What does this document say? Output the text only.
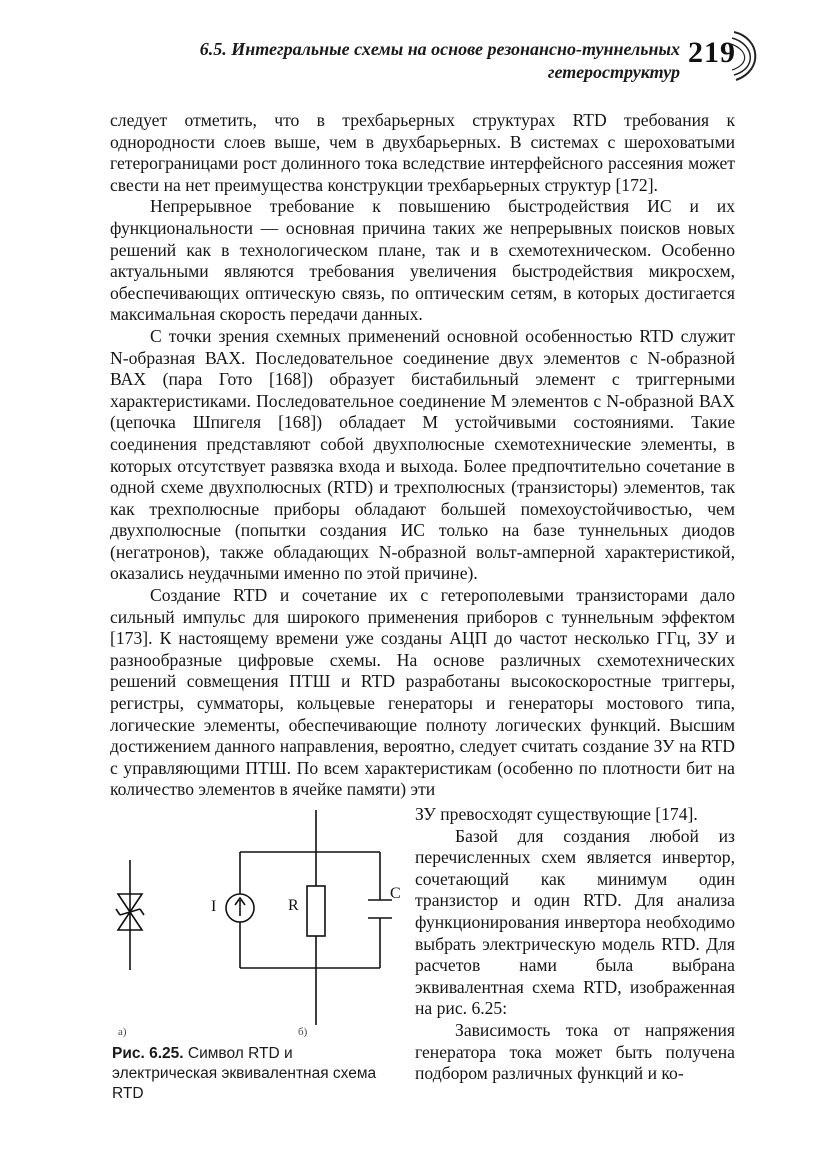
6.5. Интегральные схемы на основе резонансно-туннельных
гетероструктур
219

следует отметить, что в трехбарьерных структурах RTD требования к однородности слоев выше, чем в двухбарьерных. В системах с шероховатыми гетерограницами рост долинного тока вследствие интерфейсного рассеяния может свести на нет преимущества конструкции трехбарьерных структур [172].

Непрерывное требование к повышению быстродействия ИС и их функциональности — основная причина таких же непрерывных поисков новых решений как в технологическом плане, так и в схемотехническом. Особенно актуальными являются требования увеличения быстродействия микросхем, обеспечивающих оптическую связь, по оптическим сетям, в которых достигается максимальная скорость передачи данных.

С точки зрения схемных применений основной особенностью RTD служит N-образная ВАХ. Последовательное соединение двух элементов с N-образной ВАХ (пара Гото [168]) образует бистабильный элемент с триггерными характеристиками. Последовательное соединение М элементов с N-образной ВАХ (цепочка Шпигеля [168]) обладает М устойчивыми состояниями. Такие соединения представляют собой двухполюсные схемотехнические элементы, в которых отсутствует развязка входа и выхода. Более предпочтительно сочетание в одной схеме двухполюсных (RTD) и трехполюсных (транзисторы) элементов, так как трехполюсные приборы обладают большей помехоустойчивостью, чем двухполюсные (попытки создания ИС только на базе туннельных диодов (негатронов), также обладающих N-образной вольт-амперной характеристикой, оказались неудачными именно по этой причине).

Создание RTD и сочетание их с гетерополевыми транзисторами дало сильный импульс для широкого применения приборов с туннельным эффектом [173]. К настоящему времени уже созданы АЦП до частот несколько ГГц, ЗУ и разнообразные цифровые схемы. На основе различных схемотехнических решений совмещения ПТШ и RTD разработаны высокоскоростные триггеры, регистры, сумматоры, кольцевые генераторы и генераторы мостового типа, логические элементы, обеспечивающие полноту логических функций. Высшим достижением данного направления, вероятно, следует считать создание ЗУ на RTD с управляющими ПТШ. По всем характеристикам (особенно по плотности бит на количество элементов в ячейке памяти) эти

I	R
C
а)	б)
Рис. 6.25. Символ RTD и электрическая эквивалентная схема RTD

ЗУ превосходят существующие [174].

Базой для создания любой из перечисленных схем является инвертор, сочетающий как минимум один транзистор и один RTD. Для анализа функционирования инвертора необходимо выбрать электрическую модель RTD. Для расчетов нами была выбрана эквивалентная схема RTD, изображенная на рис. 6.25:

Зависимость тока от напряжения генератора тока может быть получена подбором различных функций и ко-
